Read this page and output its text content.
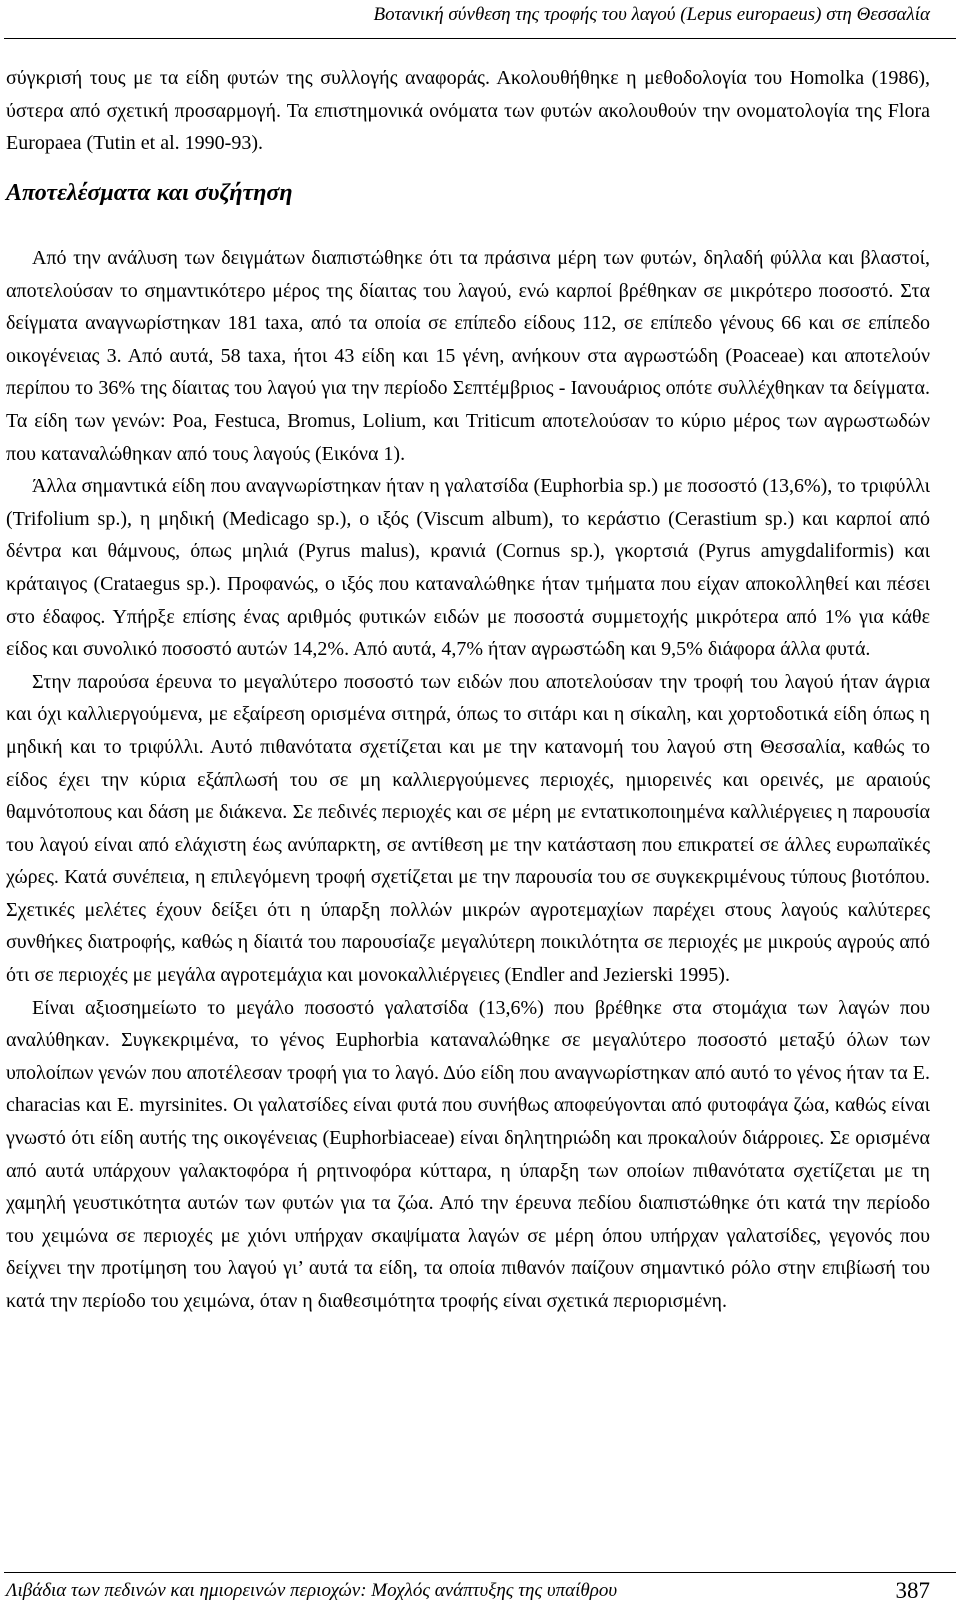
Βοτανική σύνθεση της τροφής του λαγού (Lepus europaeus) στη Θεσσαλία

σύγκρισή τους με τα είδη φυτών της συλλογής αναφοράς. Ακολουθήθηκε η μεθοδολογία του Homolka (1986), ύστερα από σχετική προσαρμογή. Τα επιστημονικά ονόματα των φυτών ακολουθούν την ονοματολογία της Flora Europaea (Tutin et al. 1990-93).

Αποτελέσματα και συζήτηση

Από την ανάλυση των δειγμάτων διαπιστώθηκε ότι τα πράσινα μέρη των φυτών, δηλαδή φύλλα και βλαστοί, αποτελούσαν το σημαντικότερο μέρος της δίαιτας του λαγού, ενώ καρποί βρέθηκαν σε μικρότερο ποσοστό. Στα δείγματα αναγνωρίστηκαν 181 taxa, από τα οποία σε επίπεδο είδους 112, σε επίπεδο γένους 66 και σε επίπεδο οικογένειας 3. Από αυτά, 58 taxa, ήτοι 43 είδη και 15 γένη, ανήκουν στα αγρωστώδη (Poaceae) και αποτελούν περίπου το 36% της δίαιτας του λαγού για την περίοδο Σεπτέμβριος - Ιανουάριος οπότε συλλέχθηκαν τα δείγματα. Τα είδη των γενών: Poa, Festuca, Bromus, Lolium, και Triticum αποτελούσαν το κύριο μέρος των αγρωστωδών που καταναλώθηκαν από τους λαγούς (Εικόνα 1).

Άλλα σημαντικά είδη που αναγνωρίστηκαν ήταν η γαλατσίδα (Euphorbia sp.) με ποσοστό (13,6%), το τριφύλλι (Trifolium sp.), η μηδική (Medicago sp.), ο ιξός (Viscum album), το κεράστιο (Cerastium sp.) και καρποί από δέντρα και θάμνους, όπως μηλιά (Pyrus malus), κρανιά (Cornus sp.), γκορτσιά (Pyrus amygdaliformis) και κράταιγος (Crataegus sp.). Προφανώς, ο ιξός που καταναλώθηκε ήταν τμήματα που είχαν αποκολληθεί και πέσει στο έδαφος. Υπήρξε επίσης ένας αριθμός φυτικών ειδών με ποσοστά συμμετοχής μικρότερα από 1% για κάθε είδος και συνολικό ποσοστό αυτών 14,2%. Από αυτά, 4,7% ήταν αγρωστώδη και 9,5% διάφορα άλλα φυτά.

Στην παρούσα έρευνα το μεγαλύτερο ποσοστό των ειδών που αποτελούσαν την τροφή του λαγού ήταν άγρια και όχι καλλιεργούμενα, με εξαίρεση ορισμένα σιτηρά, όπως το σιτάρι και η σίκαλη, και χορτοδοτικά είδη όπως η μηδική και το τριφύλλι. Αυτό πιθανότατα σχετίζεται και με την κατανομή του λαγού στη Θεσσαλία, καθώς το είδος έχει την κύρια εξάπλωσή του σε μη καλλιεργούμενες περιοχές, ημιορεινές και ορεινές, με αραιούς θαμνότοπους και δάση με διάκενα. Σε πεδινές περιοχές και σε μέρη με εντατικοποιημένα καλλιέργειες η παρουσία του λαγού είναι από ελάχιστη έως ανύπαρκτη, σε αντίθεση με την κατάσταση που επικρατεί σε άλλες ευρωπαϊκές χώρες. Κατά συνέπεια, η επιλεγόμενη τροφή σχετίζεται με την παρουσία του σε συγκεκριμένους τύπους βιοτόπου. Σχετικές μελέτες έχουν δείξει ότι η ύπαρξη πολλών μικρών αγροτεμαχίων παρέχει στους λαγούς καλύτερες συνθήκες διατροφής, καθώς η δίαιτά του παρουσίαζε μεγαλύτερη ποικιλότητα σε περιοχές με μικρούς αγρούς από ότι σε περιοχές με μεγάλα αγροτεμάχια και μονοκαλλιέργειες (Endler and Jezierski 1995).

Είναι αξιοσημείωτο το μεγάλο ποσοστό γαλατσίδα (13,6%) που βρέθηκε στα στομάχια των λαγών που αναλύθηκαν. Συγκεκριμένα, το γένος Euphorbia καταναλώθηκε σε μεγαλύτερο ποσοστό μεταξύ όλων των υπολοίπων γενών που αποτέλεσαν τροφή για το λαγό. Δύο είδη που αναγνωρίστηκαν από αυτό το γένος ήταν τα E. characias και E. myrsinites. Οι γαλατσίδες είναι φυτά που συνήθως αποφεύγονται από φυτοφάγα ζώα, καθώς είναι γνωστό ότι είδη αυτής της οικογένειας (Euphorbiaceae) είναι δηλητηριώδη και προκαλούν διάρροιες. Σε ορισμένα από αυτά υπάρχουν γαλακτοφόρα ή ρητινοφόρα κύτταρα, η ύπαρξη των οποίων πιθανότατα σχετίζεται με τη χαμηλή γευστικότητα αυτών των φυτών για τα ζώα. Από την έρευνα πεδίου διαπιστώθηκε ότι κατά την περίοδο του χειμώνα σε περιοχές με χιόνι υπήρχαν σκαψίματα λαγών σε μέρη όπου υπήρχαν γαλατσίδες, γεγονός που δείχνει την προτίμηση του λαγού γι’ αυτά τα είδη, τα οποία πιθανόν παίζουν σημαντικό ρόλο στην επιβίωσή του κατά την περίοδο του χειμώνα, όταν η διαθεσιμότητα τροφής είναι σχετικά περιορισμένη.

Λιβάδια των πεδινών και ημιορεινών περιοχών: Μοχλός ανάπτυξης της υπαίθρου	387
